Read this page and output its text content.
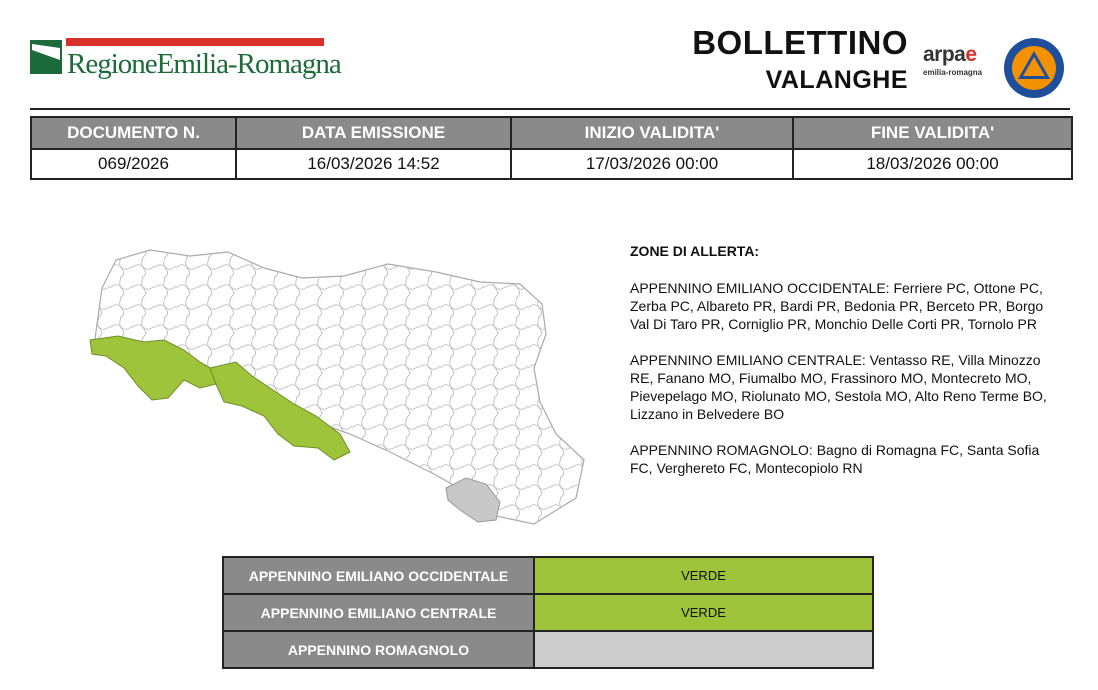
RegioneEmilia-Romagna
BOLLETTINO
VALANGHE
arpae
emilia-romagna
DOCUMENTO N.	DATA EMISSIONE	INIZIO VALIDITA'	FINE VALIDITA'
069/2026	16/03/2026 14:52	17/03/2026 00:00	18/03/2026 00:00
ZONE DI ALLERTA:

APPENNINO EMILIANO OCCIDENTALE: Ferriere PC, Ottone PC, Zerba PC, Albareto PR, Bardi PR, Bedonia PR, Berceto PR, Borgo Val Di Taro PR, Corniglio PR, Monchio Delle Corti PR, Tornolo PR

APPENNINO EMILIANO CENTRALE: Ventasso RE, Villa Minozzo RE, Fanano MO, Fiumalbo MO, Frassinoro MO, Montecreto MO, Pievepelago MO, Riolunato MO, Sestola MO, Alto Reno Terme BO, Lizzano in Belvedere BO

APPENNINO ROMAGNOLO: Bagno di Romagna FC, Santa Sofia FC, Verghereto FC, Montecopiolo RN

APPENNINO EMILIANO OCCIDENTALE	VERDE
APPENNINO EMILIANO CENTRALE	VERDE
APPENNINO ROMAGNOLO	
